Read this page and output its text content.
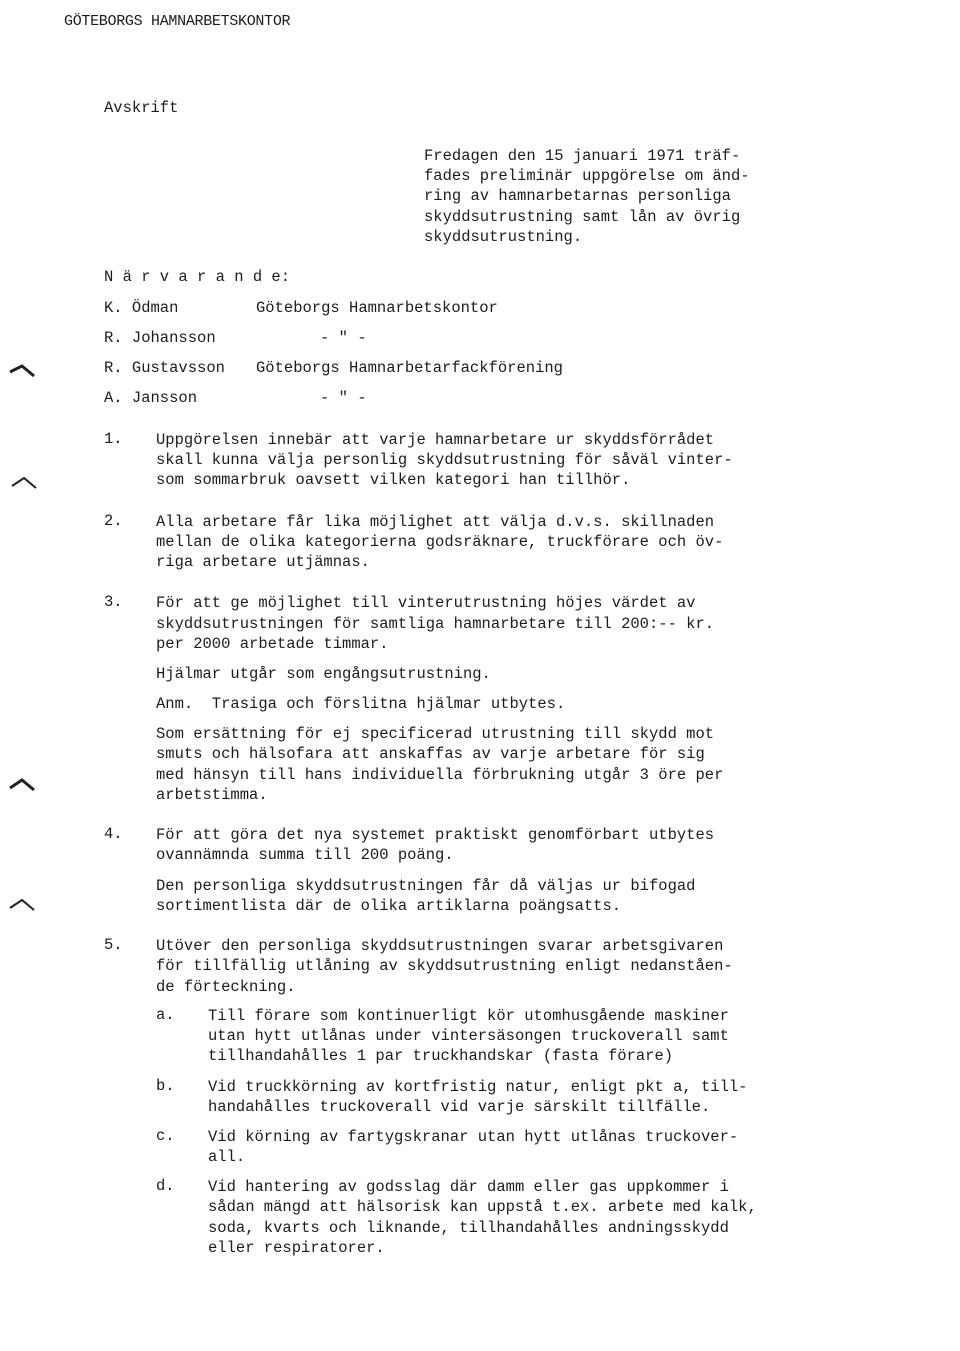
GÖTEBORGS HAMNARBETSKONTOR
Avskrift
Fredagen den 15 januari 1971 träf-
fades preliminär uppgörelse om änd-
ring av hamnarbetarnas personliga
skyddsutrustning samt lån av övrig
skyddsutrustning.
N ä r v a r a n d e:
K. Ödman	Göteborgs Hamnarbetskontor
R. Johansson	- " -
R. Gustavsson Göteborgs Hamnarbetarfackförening
A. Jansson	- " -
1. Uppgörelsen innebär att varje hamnarbetare ur skyddsförrådet
skall kunna välja personlig skyddsutrustning för såväl vinter-
som sommarbruk oavsett vilken kategori han tillhör.
2. Alla arbetare får lika möjlighet att välja d.v.s. skillnaden
mellan de olika kategorierna godsräknare, truckförare och öv-
riga arbetare utjämnas.
3. För att ge möjlighet till vinterutrustning höjes värdet av
skyddsutrustningen för samtliga hamnarbetare till 200:-- kr.
per 2000 arbetade timmar.
Hjälmar utgår som engångsutrustning.
Anm.  Trasiga och förslitna hjälmar utbytes.
Som ersättning för ej specificerad utrustning till skydd mot
smuts och hälsofara att anskaffas av varje arbetare för sig
med hänsyn till hans individuella förbrukning utgår 3 öre per
arbetstimma.
4. För att göra det nya systemet praktiskt genomförbart utbytes
ovannämnda summa till 200 poäng.
Den personliga skyddsutrustningen får då väljas ur bifogad
sortimentlista där de olika artiklarna poängsatts.
5. Utöver den personliga skyddsutrustningen svarar arbetsgivaren
för tillfällig utlåning av skyddsutrustning enligt nedanståen-
de förteckning.
a. Till förare som kontinuerligt kör utomhusgående maskiner
utan hytt utlånas under vintersäsongen truckoverall samt
tillhandahålles 1 par truckhandskar (fasta förare)
b. Vid truckkörning av kortfristig natur, enligt pkt a, till-
handahålles truckoverall vid varje särskilt tillfälle.
c. Vid körning av fartygskranar utan hytt utlånas truckover-
all.
d. Vid hantering av godsslag där damm eller gas uppkommer i
sådan mängd att hälsorisk kan uppstå t.ex. arbete med kalk,
soda, kvarts och liknande, tillhandahålles andningsskydd
eller respiratorer.
